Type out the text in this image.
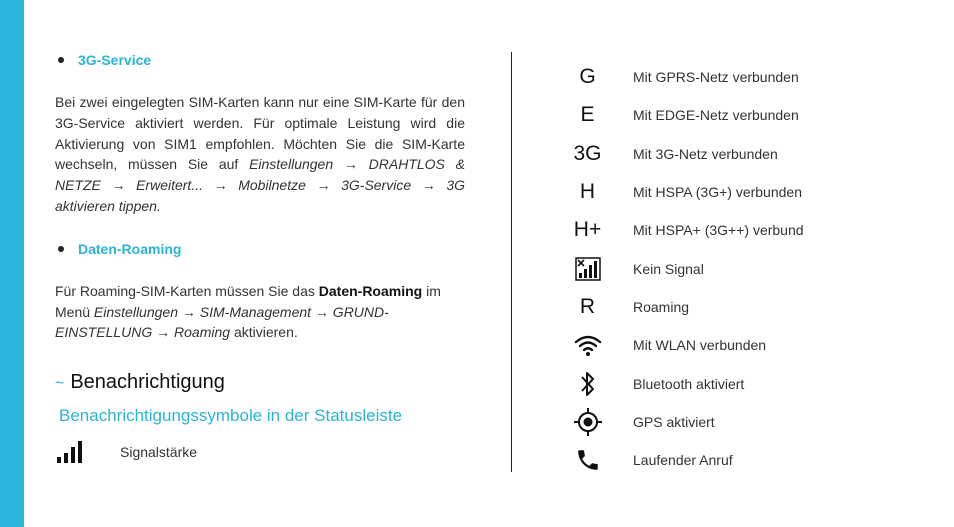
3G-Service

Bei zwei eingelegten SIM-Karten kann nur eine SIM-Karte für den 3G-Service aktiviert werden. Für optimale Leistung wird die Aktivierung von SIM1 empfohlen. Möchten Sie die SIM-Karte wechseln, müssen Sie auf Einstellungen → DRAHTLOS & NETZE → Erweitert... → Mobilnetze → 3G-Service → 3G aktivieren tippen.

Daten-Roaming

Für Roaming-SIM-Karten müssen Sie das Daten-Roaming im Menü Einstellungen → SIM-Management → GRUND-EINSTELLUNG → Roaming aktivieren.

~ Benachrichtigung
Benachrichtigungssymbole in der Statusleiste
Signalstärke
G	Mit GPRS-Netz verbunden
E	Mit EDGE-Netz verbunden
3G	Mit 3G-Netz verbunden
H	Mit HSPA (3G+) verbunden
H+	Mit HSPA+ (3G++) verbund
Kein Signal
R	Roaming
Mit WLAN verbunden
Bluetooth aktiviert
GPS aktiviert
Laufender Anruf
